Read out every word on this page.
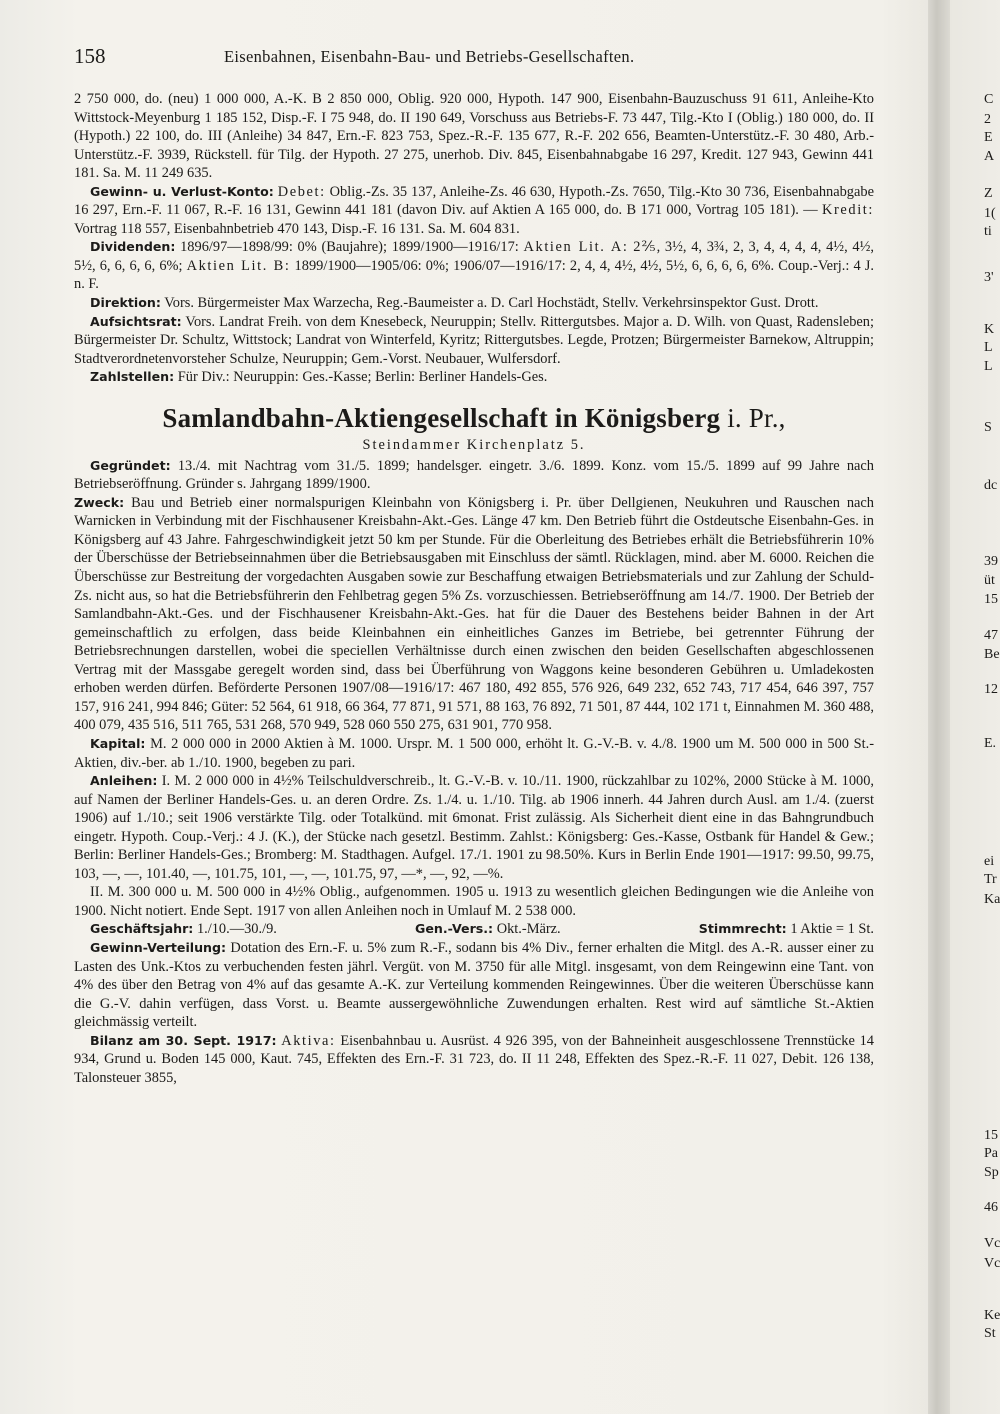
158	Eisenbahnen, Eisenbahn-Bau- und Betriebs-Gesellschaften.

2 750 000, do. (neu) 1 000 000, A.-K. B 2 850 000, Oblig. 920 000, Hypoth. 147 900, Eisenbahn-Bauzuschuss 91 611, Anleihe-Kto Wittstock-Meyenburg 1 185 152, Disp.-F. I 75 948, do. II 190 649, Vorschuss aus Betriebs-F. 73 447, Tilg.-Kto I (Oblig.) 180 000, do. II (Hypoth.) 22 100, do. III (Anleihe) 34 847, Ern.-F. 823 753, Spez.-R.-F. 135 677, R.-F. 202 656, Beamten-Unterstütz.-F. 30 480, Arb.-Unterstütz.-F. 3939, Rückstell. für Tilg. der Hypoth. 27 275, unerhob. Div. 845, Eisenbahnabgabe 16 297, Kredit. 127 943, Gewinn 441 181. Sa. M. 11 249 635.

Gewinn- u. Verlust-Konto: Debet: Oblig.-Zs. 35 137, Anleihe-Zs. 46 630, Hypoth.-Zs. 7650, Tilg.-Kto 30 736, Eisenbahnabgabe 16 297, Ern.-F. 11 067, R.-F. 16 131, Gewinn 441 181 (davon Div. auf Aktien A 165 000, do. B 171 000, Vortrag 105 181). — Kredit: Vortrag 118 557, Eisenbahnbetrieb 470 143, Disp.-F. 16 131. Sa. M. 604 831.

Dividenden: 1896/97—1898/99: 0% (Baujahre); 1899/1900—1916/17: Aktien Lit. A: 2⅖, 3½, 4, 3¾, 2, 3, 4, 4, 4, 4, 4½, 4½, 5½, 6, 6, 6, 6, 6%; Aktien Lit. B: 1899/1900—1905/06: 0%; 1906/07—1916/17: 2, 4, 4, 4½, 4½, 5½, 6, 6, 6, 6, 6%. Coup.-Verj.: 4 J. n. F.

Direktion: Vors. Bürgermeister Max Warzecha, Reg.-Baumeister a. D. Carl Hochstädt, Stellv. Verkehrsinspektor Gust. Drott.

Aufsichtsrat: Vors. Landrat Freih. von dem Knesebeck, Neuruppin; Stellv. Rittergutsbes. Major a. D. Wilh. von Quast, Radensleben; Bürgermeister Dr. Schultz, Wittstock; Landrat von Winterfeld, Kyritz; Rittergutsbes. Legde, Protzen; Bürgermeister Barnekow, Altruppin; Stadtverordnetenvorsteher Schulze, Neuruppin; Gem.-Vorst. Neubauer, Wulfersdorf.

Zahlstellen: Für Div.: Neuruppin: Ges.-Kasse; Berlin: Berliner Handels-Ges.

Samlandbahn-Aktiengesellschaft in Königsberg i. Pr.,

Steindammer Kirchenplatz 5.

Gegründet: 13./4. mit Nachtrag vom 31./5. 1899; handelsger. eingetr. 3./6. 1899. Konz. vom 15./5. 1899 auf 99 Jahre nach Betriebseröffnung. Gründer s. Jahrgang 1899/1900.

Zweck: Bau und Betrieb einer normalspurigen Kleinbahn von Königsberg i. Pr. über Dellgienen, Neukuhren und Rauschen nach Warnicken in Verbindung mit der Fischhausener Kreisbahn-Akt.-Ges. Länge 47 km. Den Betrieb führt die Ostdeutsche Eisenbahn-Ges. in Königsberg auf 43 Jahre. Fahrgeschwindigkeit jetzt 50 km per Stunde. Für die Oberleitung des Betriebes erhält die Betriebsführerin 10% der Überschüsse der Betriebseinnahmen über die Betriebsausgaben mit Einschluss der sämtl. Rücklagen, mind. aber M. 6000. Reichen die Überschüsse zur Bestreitung der vorgedachten Ausgaben sowie zur Beschaffung etwaigen Betriebsmaterials und zur Zahlung der Schuld-Zs. nicht aus, so hat die Betriebsführerin den Fehlbetrag gegen 5% Zs. vorzuschiessen. Betriebseröffnung am 14./7. 1900. Der Betrieb der Samlandbahn-Akt.-Ges. und der Fischhausener Kreisbahn-Akt.-Ges. hat für die Dauer des Bestehens beider Bahnen in der Art gemeinschaftlich zu erfolgen, dass beide Kleinbahnen ein einheitliches Ganzes im Betriebe, bei getrennter Führung der Betriebsrechnungen darstellen, wobei die speciellen Verhältnisse durch einen zwischen den beiden Gesellschaften abgeschlossenen Vertrag mit der Massgabe geregelt worden sind, dass bei Überführung von Waggons keine besonderen Gebühren u. Umladekosten erhoben werden dürfen. Beförderte Personen 1907/08—1916/17: 467 180, 492 855, 576 926, 649 232, 652 743, 717 454, 646 397, 757 157, 916 241, 994 846; Güter: 52 564, 61 918, 66 364, 77 871, 91 571, 88 163, 76 892, 71 501, 87 444, 102 171 t, Einnahmen M. 360 488, 400 079, 435 516, 511 765, 531 268, 570 949, 528 060 550 275, 631 901, 770 958.

Kapital: M. 2 000 000 in 2000 Aktien à M. 1000. Urspr. M. 1 500 000, erhöht lt. G.-V.-B. v. 4./8. 1900 um M. 500 000 in 500 St.-Aktien, div.-ber. ab 1./10. 1900, begeben zu pari.

Anleihen: I. M. 2 000 000 in 4½% Teilschuldverschreib., lt. G.-V.-B. v. 10./11. 1900, rückzahlbar zu 102%, 2000 Stücke à M. 1000, auf Namen der Berliner Handels-Ges. u. an deren Ordre. Zs. 1./4. u. 1./10. Tilg. ab 1906 innerh. 44 Jahren durch Ausl. am 1./4. (zuerst 1906) auf 1./10.; seit 1906 verstärkte Tilg. oder Totalkünd. mit 6monat. Frist zulässig. Als Sicherheit dient eine in das Bahngrundbuch eingetr. Hypoth. Coup.-Verj.: 4 J. (K.), der Stücke nach gesetzl. Bestimm. Zahlst.: Königsberg: Ges.-Kasse, Ostbank für Handel & Gew.; Berlin: Berliner Handels-Ges.; Bromberg: M. Stadthagen. Aufgel. 17./1. 1901 zu 98.50%. Kurs in Berlin Ende 1901—1917: 99.50, 99.75, 103, —, —, 101.40, —, 101.75, 101, —, —, 101.75, 97, —*, —, 92, —%.

II. M. 300 000 u. M. 500 000 in 4½% Oblig., aufgenommen. 1905 u. 1913 zu wesentlich gleichen Bedingungen wie die Anleihe von 1900. Nicht notiert. Ende Sept. 1917 von allen Anleihen noch in Umlauf M. 2 538 000.

Geschäftsjahr: 1./10.—30./9.	Gen.-Vers.: Okt.-März.	Stimmrecht: 1 Aktie = 1 St.

Gewinn-Verteilung: Dotation des Ern.-F. u. 5% zum R.-F., sodann bis 4% Div., ferner erhalten die Mitgl. des A.-R. ausser einer zu Lasten des Unk.-Ktos zu verbuchenden festen jährl. Vergüt. von M. 3750 für alle Mitgl. insgesamt, von dem Reingewinn eine Tant. von 4% des über den Betrag von 4% auf das gesamte A.-K. zur Verteilung kommenden Reingewinnes. Über die weiteren Überschüsse kann die G.-V. dahin verfügen, dass Vorst. u. Beamte aussergewöhnliche Zuwendungen erhalten. Rest wird auf sämtliche St.-Aktien gleichmässig verteilt.

Bilanz am 30. Sept. 1917: Aktiva: Eisenbahnbau u. Ausrüst. 4 926 395, von der Bahneinheit ausgeschlossene Trennstücke 14 934, Grund u. Boden 145 000, Kaut. 745, Effekten des Ern.-F. 31 723, do. II 11 248, Effekten des Spez.-R.-F. 11 027, Debit. 126 138, Talonsteuer 3855,

C
2
E
A
Z
1(
ti
3'
K
L
L
S
dc
39
üt
15
47
Be
12
E.
ei
Tr
Ka
15
Pa
Sp
46
Vc
Vc
Ke
St
